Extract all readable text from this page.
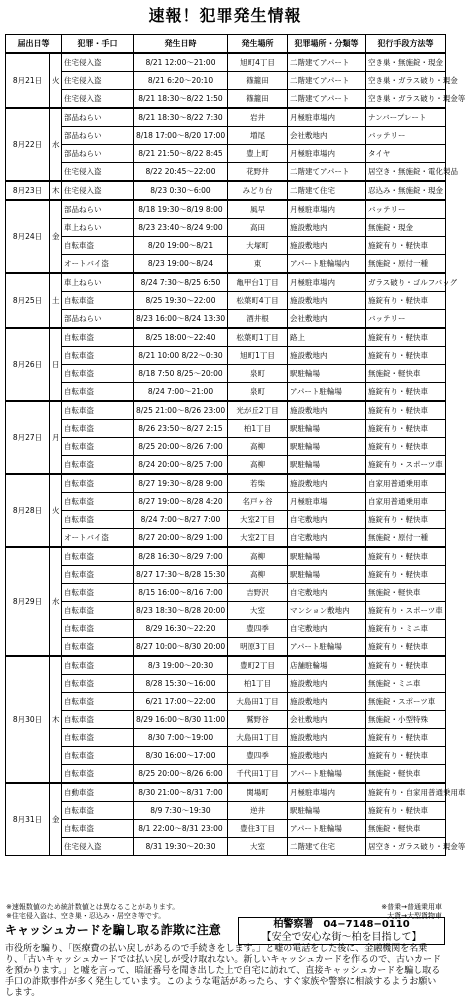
速報！犯罪発生情報
届出日等		犯罪・手口	発生日時	発生場所	犯罪場所・分類等	犯行手段方法等
8月21日	火	住宅侵入盗	8/21 12:00〜21:00	旭町4丁目	二階建てアパート	空き巣・無施錠・現金
		住宅侵入盗	8/21 6:20〜20:10	篠籠田	二階建てアパート	空き巣・ガラス破り・現金
		住宅侵入盗	8/21 18:30〜8/22 1:50	篠籠田	二階建てアパート	空き巣・ガラス破り・現金等
8月22日	水	部品ねらい	8/21 18:30〜8/22 7:30	岩井	月極駐車場内	ナンバープレート
		部品ねらい	8/18 17:00〜8/20 17:00	増尾	会社敷地内	バッテリー
		部品ねらい	8/21 21:50〜8/22 8:45	豊上町	月極駐車場内	タイヤ
		住宅侵入盗	8/22 20:45〜22:00	花野井	二階建てアパート	居空き・無施錠・電化製品
8月23日	木	住宅侵入盗	8/23 0:30〜6:00	みどり台	二階建て住宅	忍込み・無施錠・現金
8月24日	金	部品ねらい	8/18 19:30〜8/19 8:00	風早	月極駐車場内	バッテリー
		車上ねらい	8/23 23:40〜8/24 9:00	高田	施設敷地内	無施錠・現金
		自転車盗	8/20 19:00〜8/21	大塚町	施設敷地内	施錠有り・軽快車
		オートバイ盗	8/23 19:00〜8/24	東	アパート駐輪場内	無施錠・原付一種
8月25日	土	車上ねらい	8/24 7:30〜8/25 6:50	亀甲台1丁目	月極駐車場内	ガラス破り・ゴルフバッグ
		自転車盗	8/25 19:30〜22:00	松葉町4丁目	施設敷地内	施錠有り・軽快車
		部品ねらい	8/23 16:00〜8/24 13:30	酒井根	会社敷地内	バッテリー
8月26日	日	自転車盗	8/25 18:00〜22:40	松葉町1丁目	路上	施錠有り・軽快車
		自転車盗	8/21 10:00 8/22〜0:30	旭町1丁目	施設敷地内	施錠有り・軽快車
		自転車盗	8/18 7:50 8/25〜20:00	泉町	駅駐輪場	無施錠・軽快車
		自転車盗	8/24 7:00〜21:00	泉町	アパート駐輪場	施錠有り・軽快車
8月27日	月	自転車盗	8/25 21:00〜8/26 23:00	光が丘2丁目	施設敷地内	施錠有り・軽快車
		自転車盗	8/26 23:50〜8/27 2:15	柏1丁目	駅駐輪場	施錠有り・軽快車
		自転車盗	8/25 20:00〜8/26 7:00	高柳	駅駐輪場	施錠有り・軽快車
		自転車盗	8/24 20:00〜8/25 7:00	高柳	駅駐輪場	施錠有り・スポーツ車
8月28日	火	自転車盗	8/27 19:30〜8/28 9:00	若柴	施設敷地内	自家用普通乗用車
		自転車盗	8/27 19:00〜8/28 4:20	名戸ヶ谷	月極駐車場	自家用普通乗用車
		自転車盗	8/24 7:00〜8/27 7:00	大室2丁目	自宅敷地内	施錠有り・軽快車
		オートバイ盗	8/27 20:00〜8/29 1:00	大室2丁目	自宅敷地内	無施錠・原付一種
8月29日	水	自転車盗	8/28 16:30〜8/29 7:00	高柳	駅駐輪場	施錠有り・軽快車
		自転車盗	8/27 17:30〜8/28 15:30	高柳	駅駐輪場	施錠有り・軽快車
		自転車盗	8/15 16:00〜8/16 7:00	吉野沢	自宅敷地内	無施錠・軽快車
		自転車盗	8/23 18:30〜8/28 20:00	大室	マンション敷地内	施錠有り・スポーツ車
		自転車盗	8/29 16:30〜22:20	豊四季	自宅敷地内	施錠有り・ミニ車
		自転車盗	8/27 10:00〜8/30 20:00	明原3丁目	アパート駐輪場	施錠有り・軽快車
8月30日	木	自転車盗	8/3 19:00〜20:30	豊町2丁目	店舗駐輪場	施錠有り・軽快車
		自転車盗	8/28 15:30〜16:00	柏1丁目	施設敷地内	無施錠・ミニ車
		自転車盗	6/21 17:00〜22:00	大島田1丁目	施設敷地内	無施錠・スポーツ車
		自転車盗	8/29 16:00〜8/30 11:00	鷲野谷	会社敷地内	無施錠・小型特殊
		自転車盗	8/30 7:00〜19:00	大島田1丁目	施設敷地内	施錠有り・軽快車
		自転車盗	8/30 16:00〜17:00	豊四季	施設敷地内	施錠有り・軽快車
		自転車盗	8/25 20:00〜8/26 6:00	千代田1丁目	アパート駐輪場	無施錠・軽快車
8月31日	金	自動車盗	8/30 21:00〜8/31 7:00	関場町	月極駐車場内	施錠有り・自家用普通乗用車
		自転車盗	8/9 7:30〜19:30	逆井	駅駐輪場	施錠有り・軽快車
		自転車盗	8/1 22:00〜8/31 23:00	豊住3丁目	アパート駐輪場	無施錠・軽快車
		住宅侵入盗	8/31 19:30〜20:30	大室	二階建て住宅	居空き・ガラス破り・現金等
※速報数値のため統計数値とは異なることがあります。
※住宅侵入盗は、空き巣・忍込み・居空き等です。
※普乗→普通乗用車
大貨→大型貨物車
キャッシュカードを騙し取る詐欺に注意	柏警察署　04−7148−0110
【安全で安心な街〜柏を目指して】
市役所を騙り、「医療費の払い戻しがあるので手続きをします。」と嘘の電話をした後に、金融機関を名乗り、「古いキャッシュカードでは払い戻しが受け取れない。新しいキャッシュカードを作るので、古いカードを預かります。」と嘘を言って、暗証番号を聞き出した上で自宅に訪れて、直接キャッシュカードを騙し取る手口の詐欺事件が多く発生しています。このような電話があったら、すぐ家族や警察に相談するようお願いします。
